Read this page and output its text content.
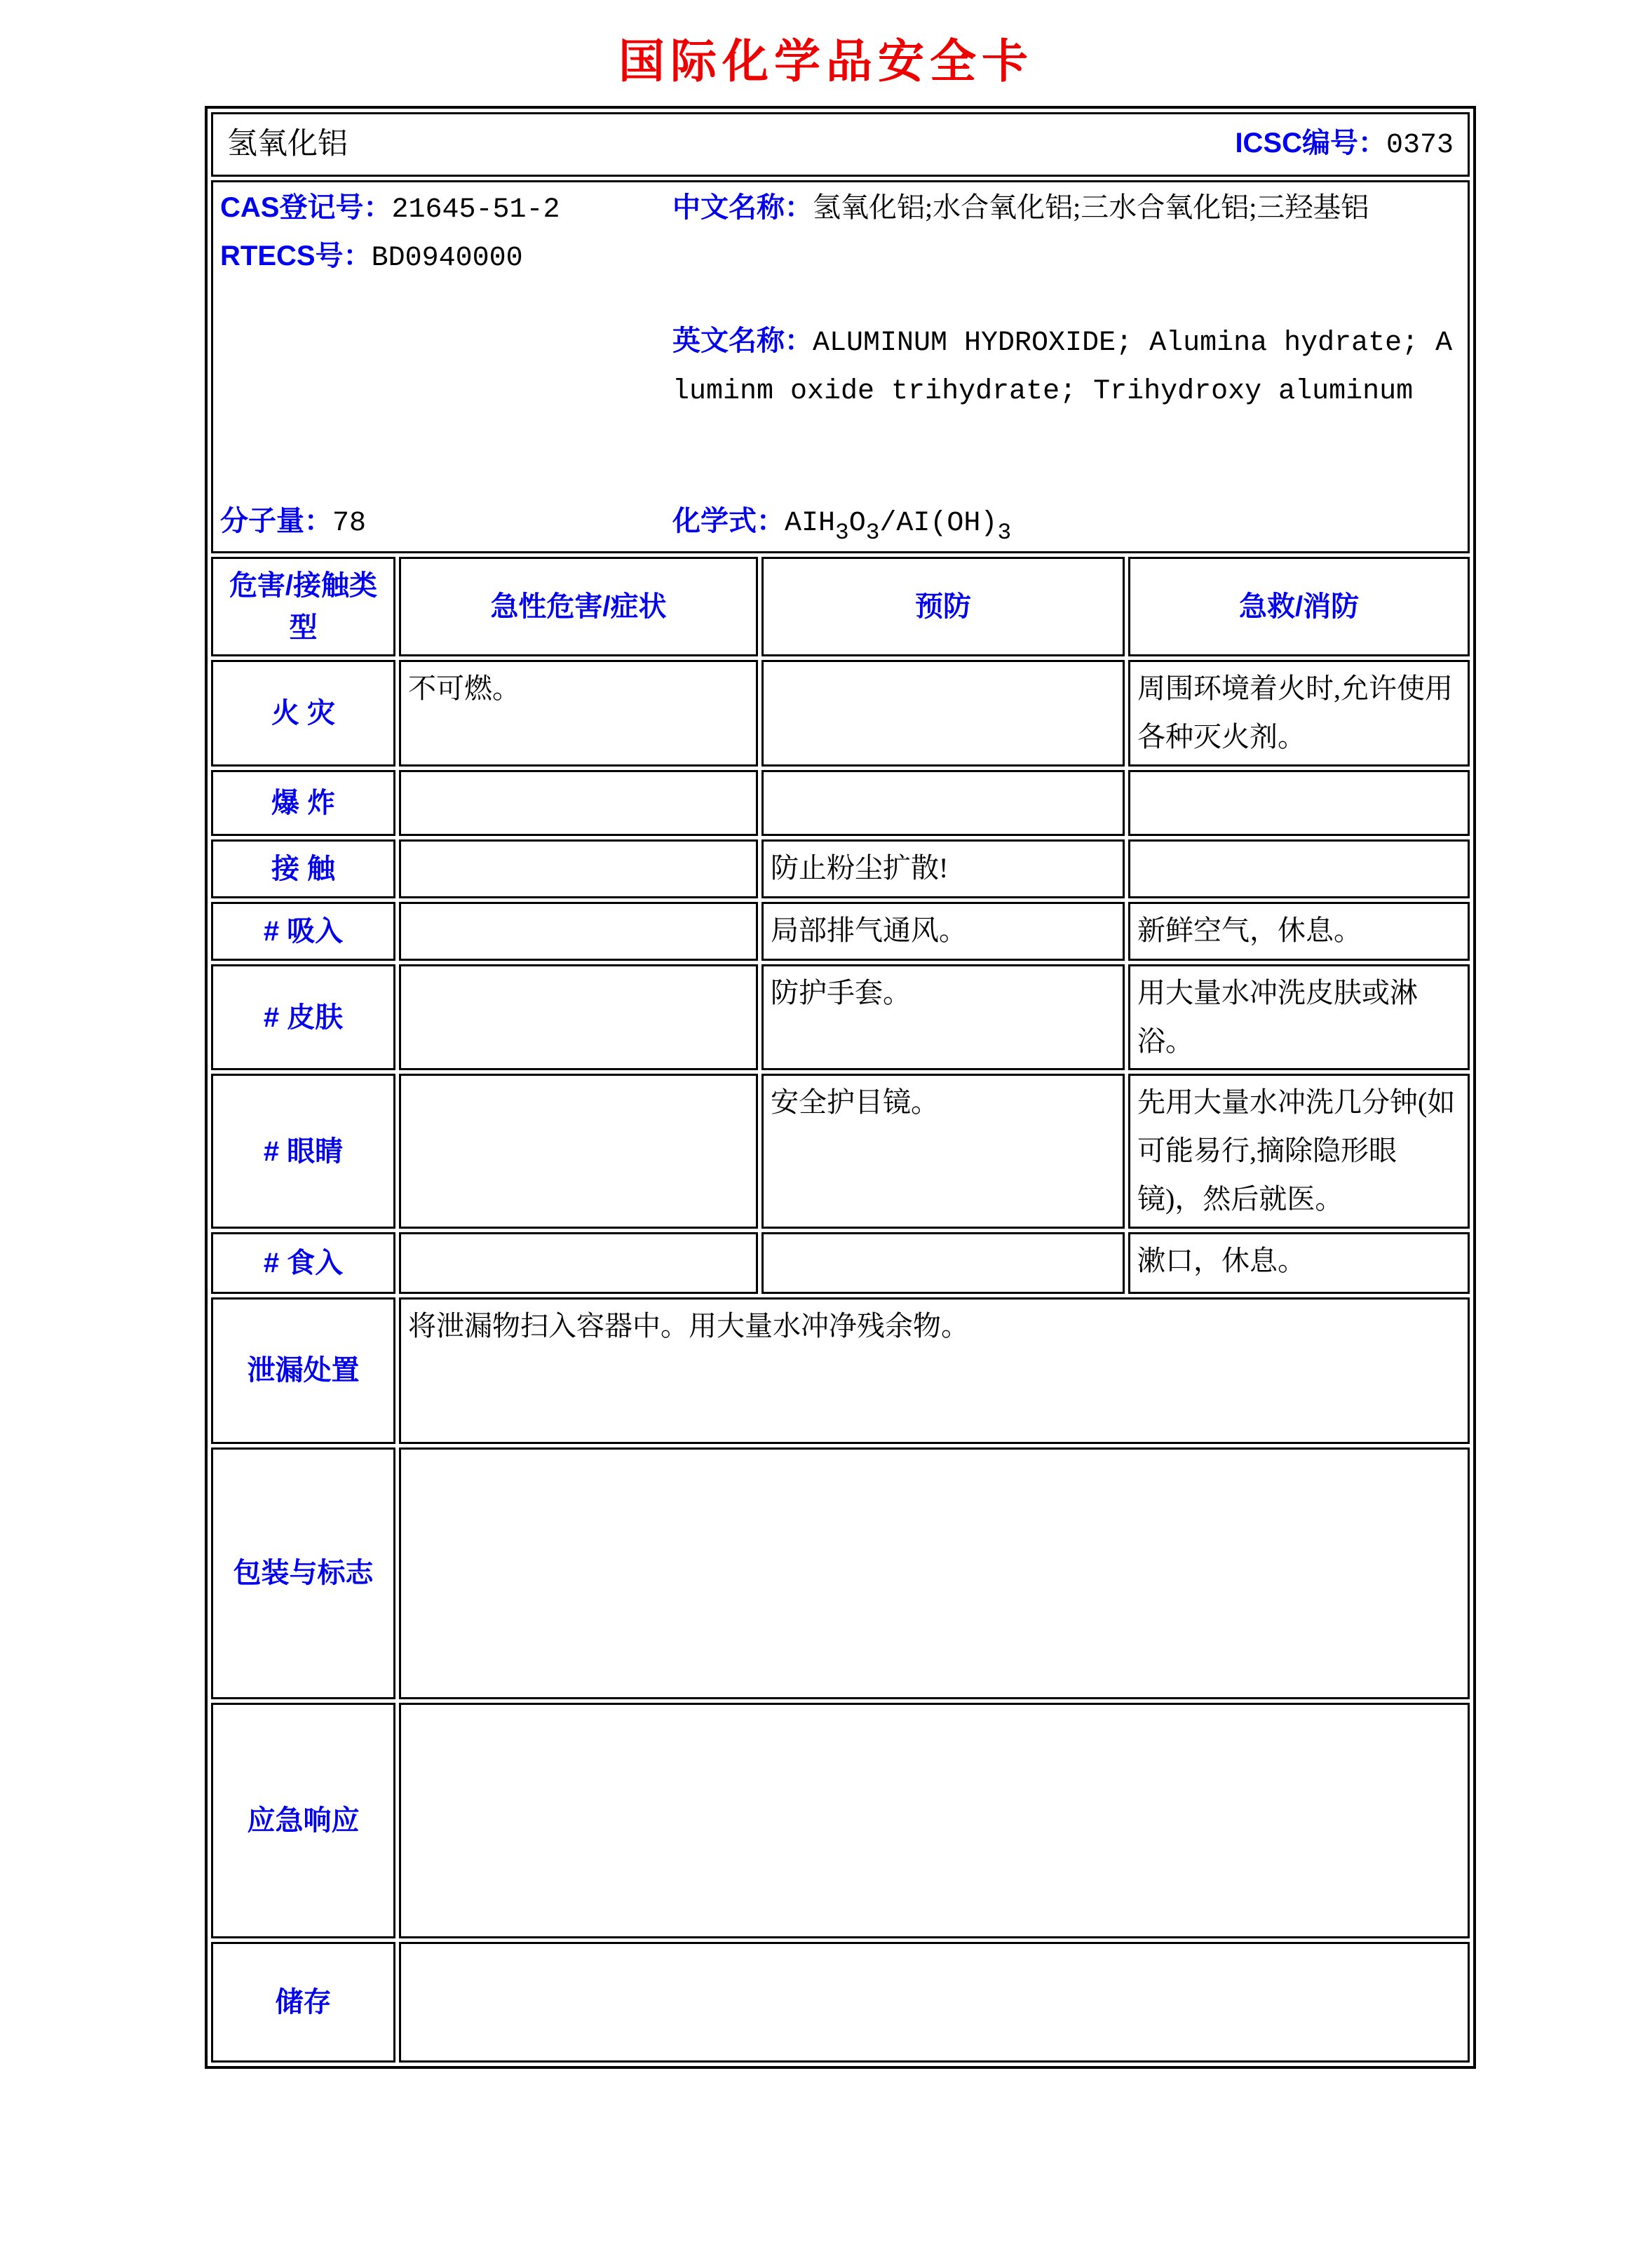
国际化学品安全卡
氢氧化铝 ICSC编号：0373			

CAS登记号：21645-51-2
RTECS号：BD0940000
中文名称：氢氧化铝;水合氧化铝;三水合氧化铝;三羟基铝
英文名称：ALUMINUM HYDROXIDE; Alumina hydrate; Aluminm oxide trihydrate; Trihydroxy aluminum
分子量：78	化学式：$AIH_3O_3/AI(OH)_3$

危害/接触类型	急性危害/症状	预防	急救/消防
火 灾	不可燃。		周围环境着火时,允许使用各种灭火剂。
爆 炸			
接 触		防止粉尘扩散!	
# 吸入		局部排气通风。	新鲜空气，休息。
# 皮肤		防护手套。	用大量水冲洗皮肤或淋浴。
# 眼睛		安全护目镜。	先用大量水冲洗几分钟(如可能易行,摘除隐形眼镜)，然后就医。
# 食入			漱口，休息。
泄漏处置	将泄漏物扫入容器中。用大量水冲净残余物。		
包装与标志			
应急响应			
储存			
